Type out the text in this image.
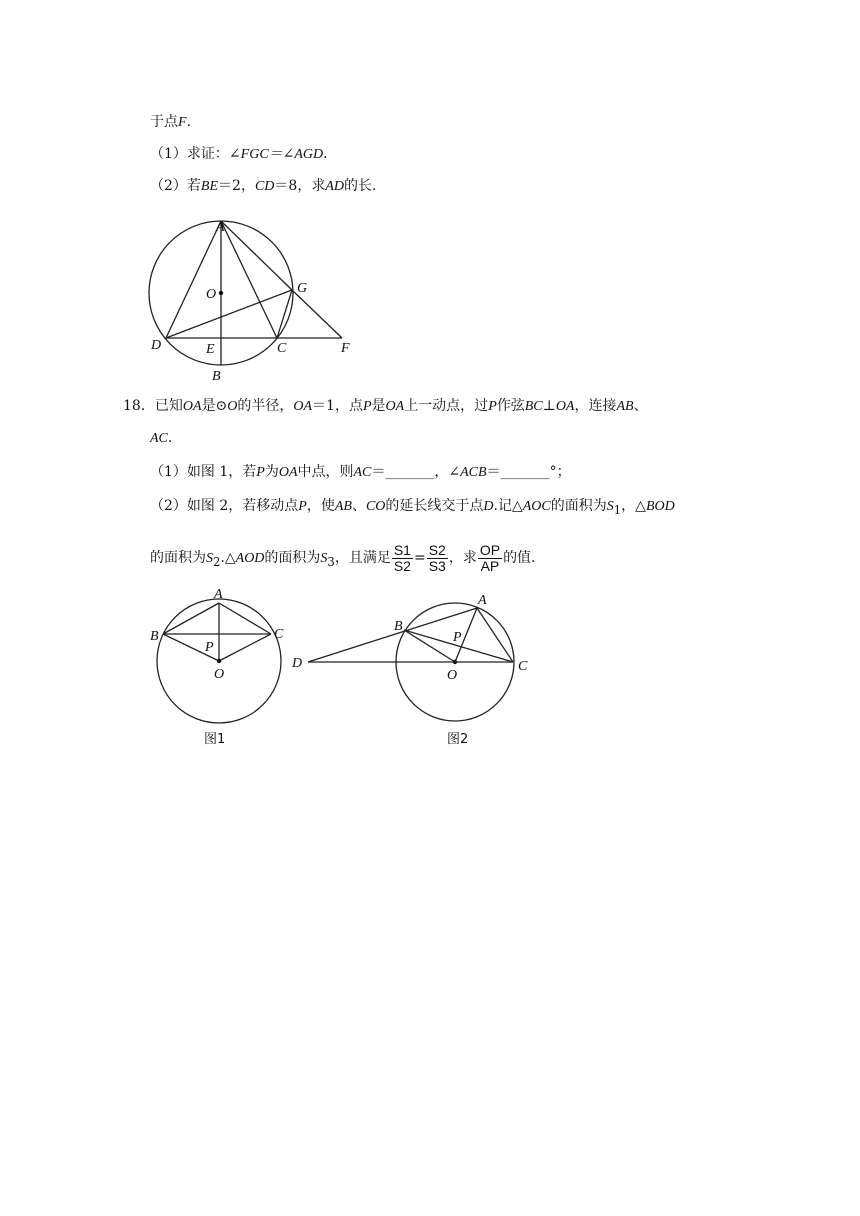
于点F.
（1）求证：∠FGC＝∠AGD.
（2）若BE＝2，CD＝8，求AD的长.
A
O	G
D	E	C	F
B
18．已知OA是⊙O的半径，OA＝1，点P是OA上一动点，过P作弦BC⊥OA，连接AB、
AC.
（1）如图 1，若P为OA中点，则AC＝_______，∠ACB＝_______°；
（2）如图 2，若移动点P，使AB、CO的延长线交于点D.记△AOC的面积为$S_1$，△BOD
的面积为$S_2.\triangle AOD$的面积为$S_3$，且满足 $\frac{S1}{S2} = \frac{S2}{S3}$ ，求 $\frac{OP}{AP}$ 的值.
A
B	C
P
O
图1
A
B
C
P
O
D
图2
